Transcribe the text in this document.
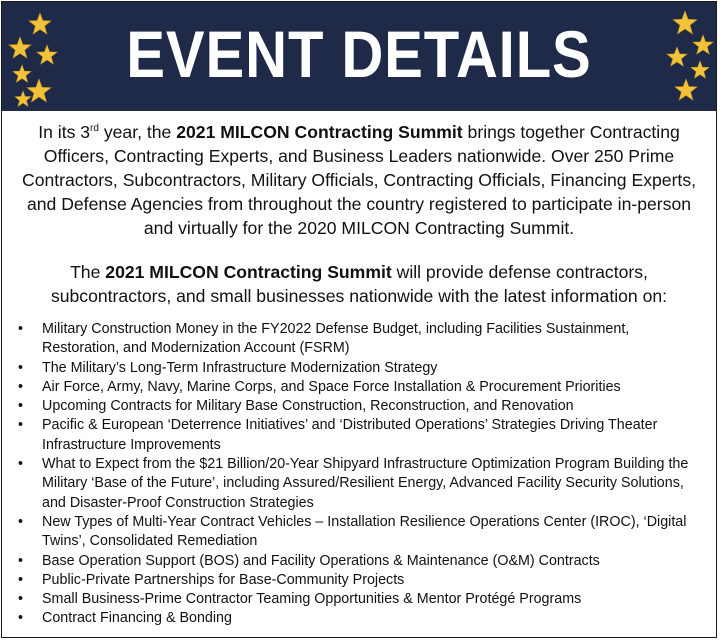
EVENT DETAILS

In its 3rd year, the 2021 MILCON Contracting Summit brings together Contracting Officers, Contracting Experts, and Business Leaders nationwide. Over 250 Prime Contractors, Subcontractors, Military Officials, Contracting Officials, Financing Experts, and Defense Agencies from throughout the country registered to participate in-person and virtually for the 2020 MILCON Contracting Summit.

The 2021 MILCON Contracting Summit will provide defense contractors, subcontractors, and small businesses nationwide with the latest information on:

• Military Construction Money in the FY2022 Defense Budget, including Facilities Sustainment, Restoration, and Modernization Account (FSRM)
• The Military’s Long-Term Infrastructure Modernization Strategy
• Air Force, Army, Navy, Marine Corps, and Space Force Installation & Procurement Priorities
• Upcoming Contracts for Military Base Construction, Reconstruction, and Renovation
• Pacific & European ‘Deterrence Initiatives’ and ‘Distributed Operations’ Strategies Driving Theater Infrastructure Improvements
• What to Expect from the $21 Billion/20-Year Shipyard Infrastructure Optimization Program Building the Military ‘Base of the Future’, including Assured/Resilient Energy, Advanced Facility Security Solutions, and Disaster-Proof Construction Strategies
• New Types of Multi-Year Contract Vehicles – Installation Resilience Operations Center (IROC), ‘Digital Twins’, Consolidated Remediation
• Base Operation Support (BOS) and Facility Operations & Maintenance (O&M) Contracts
• Public-Private Partnerships for Base-Community Projects
• Small Business-Prime Contractor Teaming Opportunities & Mentor Protégé Programs
• Contract Financing & Bonding
